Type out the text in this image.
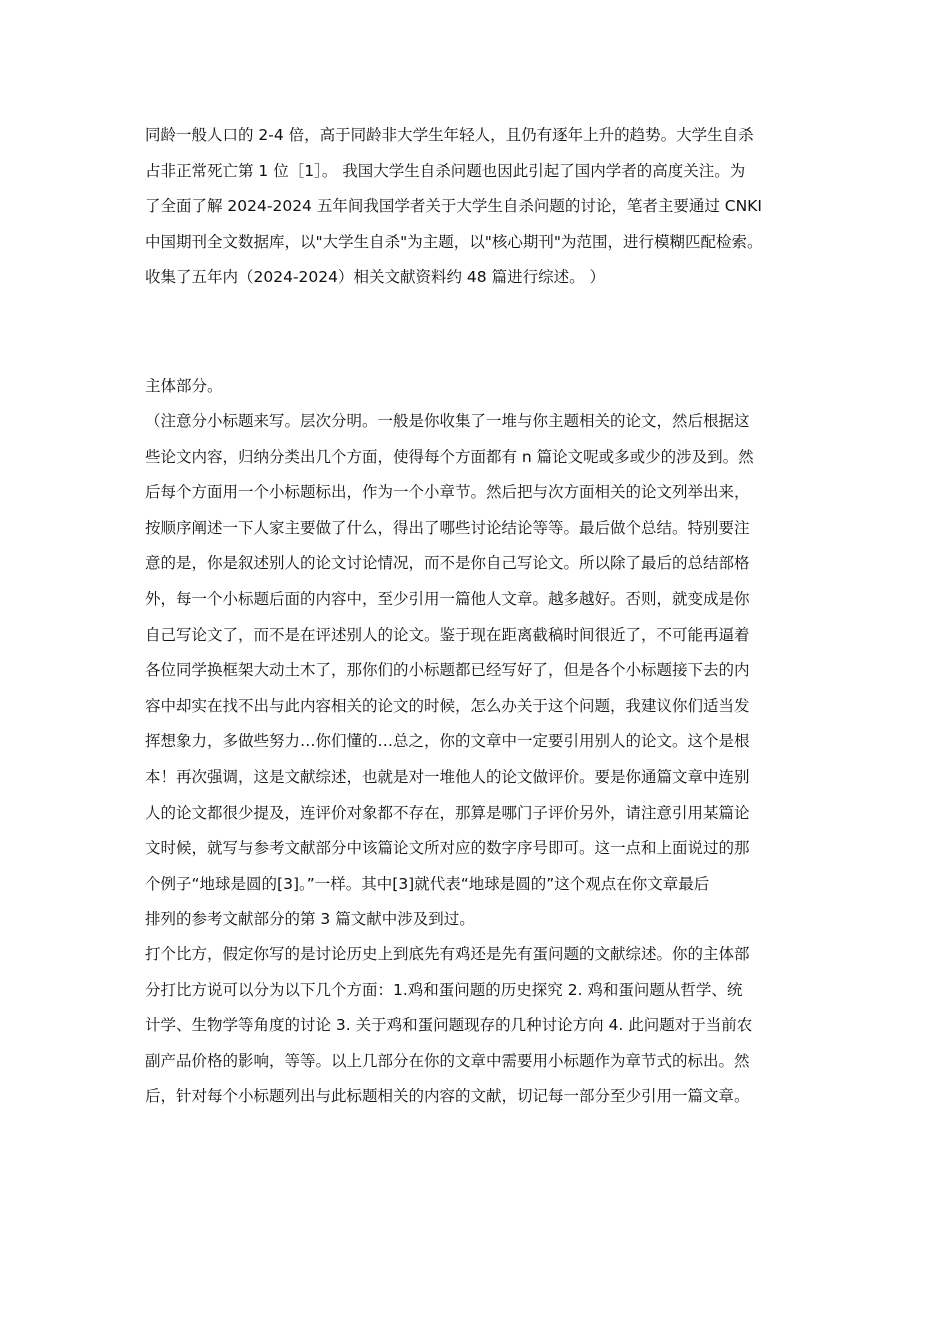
同龄一般人口的 2-4 倍，高于同龄非大学生年轻人，且仍有逐年上升的趋势。大学生自杀
占非正常死亡第 1 位［1］。 我国大学生自杀问题也因此引起了国内学者的高度关注。为
了全面了解 2024-2024 五年间我国学者关于大学生自杀问题的讨论，笔者主要通过 CNKI
中国期刊全文数据库，以"大学生自杀"为主题，以"核心期刊"为范围，进行模糊匹配检索。
收集了五年内（2024-2024）相关文献资料约 48 篇进行综述。 ）
主体部分。
（注意分小标题来写。层次分明。一般是你收集了一堆与你主题相关的论文，然后根据这
些论文内容，归纳分类出几个方面，使得每个方面都有 n 篇论文呢或多或少的涉及到。然
后每个方面用一个小标题标出，作为一个小章节。然后把与次方面相关的论文列举出来，
按顺序阐述一下人家主要做了什么，得出了哪些讨论结论等等。最后做个总结。特别要注
意的是，你是叙述别人的论文讨论情况，而不是你自己写论文。所以除了最后的总结部格
外，每一个小标题后面的内容中，至少引用一篇他人文章。越多越好。否则，就变成是你
自己写论文了，而不是在评述别人的论文。鉴于现在距离截稿时间很近了，不可能再逼着
各位同学换框架大动土木了，那你们的小标题都已经写好了，但是各个小标题接下去的内
容中却实在找不出与此内容相关的论文的时候，怎么办关于这个问题，我建议你们适当发
挥想象力，多做些努力…你们懂的…总之，你的文章中一定要引用别人的论文。这个是根
本！再次强调，这是文献综述，也就是对一堆他人的论文做评价。要是你通篇文章中连别
人的论文都很少提及，连评价对象都不存在，那算是哪门子评价另外，请注意引用某篇论
文时候，就写与参考文献部分中该篇论文所对应的数字序号即可。这一点和上面说过的那
个例子“地球是圆的[3]。”一样。其中[3]就代表“地球是圆的”这个观点在你文章最后
排列的参考文献部分的第 3 篇文献中涉及到过。
打个比方，假定你写的是讨论历史上到底先有鸡还是先有蛋问题的文献综述。你的主体部
分打比方说可以分为以下几个方面：1.鸡和蛋问题的历史探究 2. 鸡和蛋问题从哲学、统
计学、生物学等角度的讨论 3. 关于鸡和蛋问题现存的几种讨论方向 4. 此问题对于当前农
副产品价格的影响，等等。以上几部分在你的文章中需要用小标题作为章节式的标出。然
后，针对每个小标题列出与此标题相关的内容的文献，切记每一部分至少引用一篇文章。
